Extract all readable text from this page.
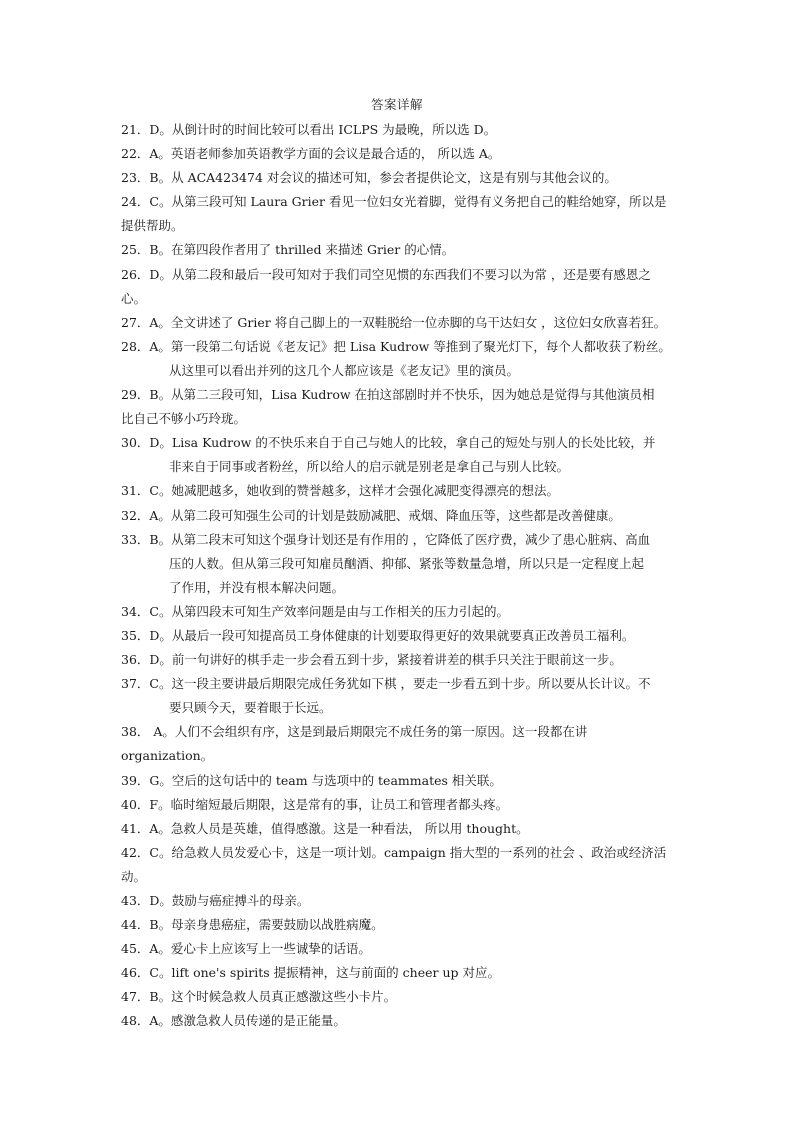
答案详解
21．D。从倒计时的时间比较可以看出 ICLPS 为最晚，所以选 D。
22．A。英语老师参加英语教学方面的会议是最合适的， 所以选 A。
23．B。从 ACA423474 对会议的描述可知，参会者提供论文，这是有别与其他会议的。
24．C。从第三段可知 Laura Grier 看见一位妇女光着脚，觉得有义务把自己的鞋给她穿，所以是
提供帮助。
25．B。在第四段作者用了 thrilled 来描述 Grier 的心情。
26．D。从第二段和最后一段可知对于我们司空见惯的东西我们不要习以为常 ，还是要有感恩之
心。
27．A。全文讲述了 Grier 将自己脚上的一双鞋脱给一位赤脚的乌干达妇女 ，这位妇女欣喜若狂。
28．A。第一段第二句话说《老友记》把 Lisa Kudrow 等推到了聚光灯下，每个人都收获了粉丝。
从这里可以看出并列的这几个人都应该是《老友记》里的演员。
29．B。从第二三段可知，Lisa Kudrow 在拍这部剧时并不快乐，因为她总是觉得与其他演员相
比自己不够小巧玲珑。
30．D。Lisa Kudrow 的不快乐来自于自己与她人的比较，拿自己的短处与别人的长处比较，并
非来自于同事或者粉丝，所以给人的启示就是别老是拿自己与别人比较。
31．C。她减肥越多，她收到的赞誉越多，这样才会强化减肥变得漂亮的想法。
32．A。从第二段可知强生公司的计划是鼓励减肥、戒烟、降血压等，这些都是改善健康。
33．B。从第二段末可知这个强身计划还是有作用的 ，它降低了医疗费，减少了患心脏病、高血
压的人数。但从第三段可知雇员酗酒、抑郁、紧张等数量急增，所以只是一定程度上起
了作用，并没有根本解决问题。
34．C。从第四段末可知生产效率问题是由与工作相关的压力引起的。
35．D。从最后一段可知提高员工身体健康的计划要取得更好的效果就要真正改善员工福利。
36．D。前一句讲好的棋手走一步会看五到十步，紧接着讲差的棋手只关注于眼前这一步。
37．C。这一段主要讲最后期限完成任务犹如下棋 ，要走一步看五到十步。所以要从长计议。不
要只顾今天，要着眼于长远。
38． A。人们不会组织有序，这是到最后期限完不成任务的第一原因。这一段都在讲
organization。
39．G。空后的这句话中的 team 与选项中的 teammates 相关联。
40．F。临时缩短最后期限，这是常有的事，让员工和管理者都头疼。
41．A。急救人员是英雄，值得感激。这是一种看法， 所以用 thought。
42．C。给急救人员发爱心卡，这是一项计划。campaign 指大型的一系列的社会 、政治或经济活
动。
43．D。鼓励与癌症搏斗的母亲。
44．B。母亲身患癌症，需要鼓励以战胜病魔。
45．A。爱心卡上应该写上一些诚挚的话语。
46．C。lift one's spirits 提振精神，这与前面的 cheer up 对应。
47．B。这个时候急救人员真正感激这些小卡片。
48．A。感激急救人员传递的是正能量。
